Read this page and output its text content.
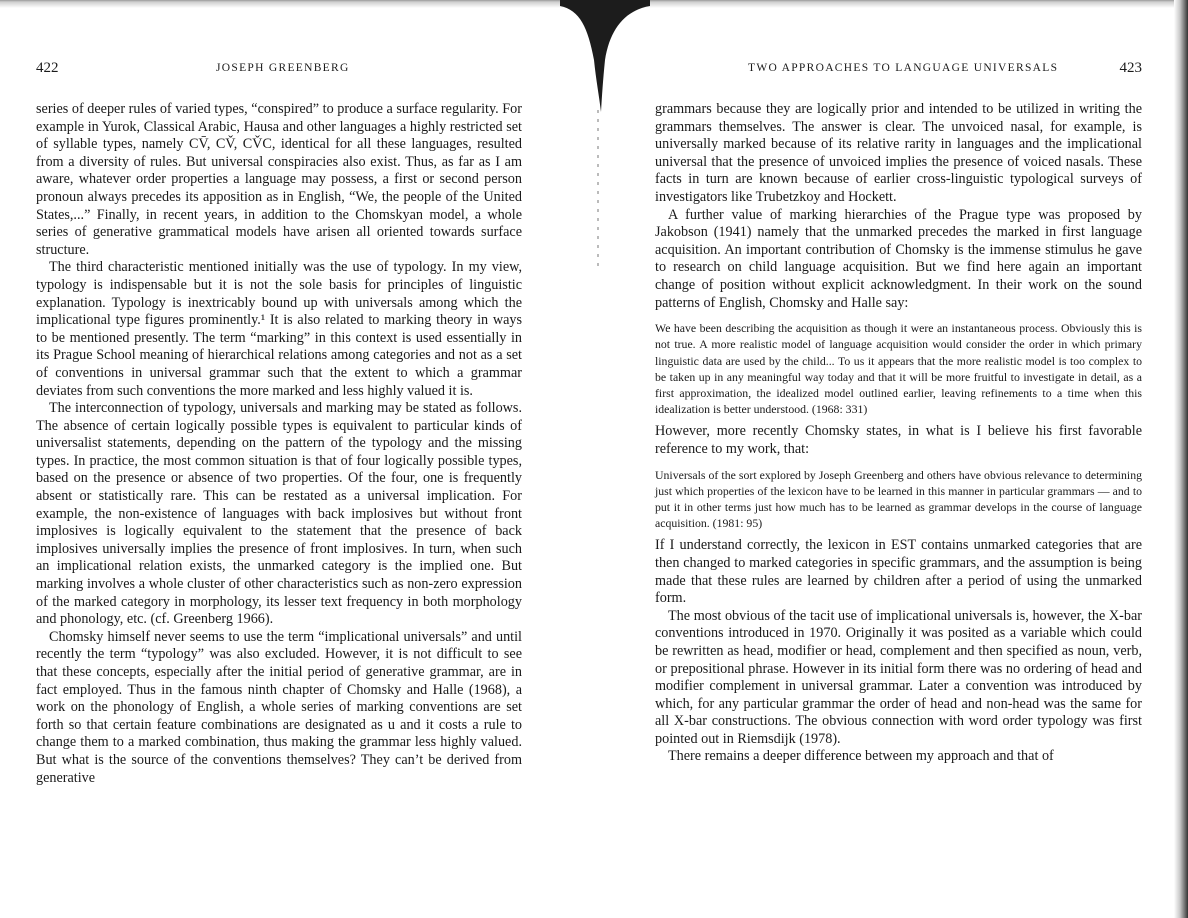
422	JOSEPH GREENBERG

series of deeper rules of varied types, “conspired” to produce a surface regularity. For example in Yurok, Classical Arabic, Hausa and other languages a highly restricted set of syllable types, namely CV̄, CV̌, CV̌C, identical for all these languages, resulted from a diversity of rules. But universal conspiracies also exist. Thus, as far as I am aware, whatever order properties a language may possess, a first or second person pronoun always precedes its apposition as in English, “We, the people of the United States,...” Finally, in recent years, in addition to the Chomskyan model, a whole series of generative grammatical models have arisen all oriented towards surface structure.

The third characteristic mentioned initially was the use of typology. In my view, typology is indispensable but it is not the sole basis for principles of linguistic explanation. Typology is inextricably bound up with universals among which the implicational type figures prominently.¹ It is also related to marking theory in ways to be mentioned presently. The term “marking” in this context is used essentially in its Prague School meaning of hierarchical relations among categories and not as a set of conventions in universal grammar such that the extent to which a grammar deviates from such conventions the more marked and less highly valued it is.

The interconnection of typology, universals and marking may be stated as follows. The absence of certain logically possible types is equivalent to particular kinds of universalist statements, depending on the pattern of the typology and the missing types. In practice, the most common situation is that of four logically possible types, based on the presence or absence of two properties. Of the four, one is frequently absent or statistically rare. This can be restated as a universal implication. For example, the non-existence of languages with back implosives but without front implosives is logically equivalent to the statement that the presence of back implosives universally implies the presence of front implosives. In turn, when such an implicational relation exists, the unmarked category is the implied one. But marking involves a whole cluster of other characteristics such as non-zero expression of the marked category in morphology, its lesser text frequency in both morphology and phonology, etc. (cf. Greenberg 1966).

Chomsky himself never seems to use the term “implicational universals” and until recently the term “typology” was also excluded. However, it is not difficult to see that these concepts, especially after the initial period of generative grammar, are in fact employed. Thus in the famous ninth chapter of Chomsky and Halle (1968), a work on the phonology of English, a whole series of marking conventions are set forth so that certain feature combinations are designated as u and it costs a rule to change them to a marked combination, thus making the grammar less highly valued. But what is the source of the conventions themselves? They can’t be derived from generative

TWO APPROACHES TO LANGUAGE UNIVERSALS	423

grammars because they are logically prior and intended to be utilized in writing the grammars themselves. The answer is clear. The unvoiced nasal, for example, is universally marked because of its relative rarity in languages and the implicational universal that the presence of unvoiced implies the presence of voiced nasals. These facts in turn are known because of earlier cross-linguistic typological surveys of investigators like Trubetzkoy and Hockett.

A further value of marking hierarchies of the Prague type was proposed by Jakobson (1941) namely that the unmarked precedes the marked in first language acquisition. An important contribution of Chomsky is the immense stimulus he gave to research on child language acquisition. But we find here again an important change of position without explicit acknowledgment. In their work on the sound patterns of English, Chomsky and Halle say:

We have been describing the acquisition as though it were an instantaneous process. Obviously this is not true. A more realistic model of language acquisition would consider the order in which primary linguistic data are used by the child... To us it appears that the more realistic model is too complex to be taken up in any meaningful way today and that it will be more fruitful to investigate in detail, as a first approximation, the idealized model outlined earlier, leaving refinements to a time when this idealization is better understood. (1968: 331)

However, more recently Chomsky states, in what is I believe his first favorable reference to my work, that:

Universals of the sort explored by Joseph Greenberg and others have obvious relevance to determining just which properties of the lexicon have to be learned in this manner in particular grammars — and to put it in other terms just how much has to be learned as grammar develops in the course of language acquisition. (1981: 95)

If I understand correctly, the lexicon in EST contains unmarked categories that are then changed to marked categories in specific grammars, and the assumption is being made that these rules are learned by children after a period of using the unmarked form.

The most obvious of the tacit use of implicational universals is, however, the X-bar conventions introduced in 1970. Originally it was posited as a variable which could be rewritten as head, modifier or head, complement and then specified as noun, verb, or prepositional phrase. However in its initial form there was no ordering of head and modifier complement in universal grammar. Later a convention was introduced by which, for any particular grammar the order of head and non-head was the same for all X-bar constructions. The obvious connection with word order typology was first pointed out in Riemsdijk (1978).

There remains a deeper difference between my approach and that of
